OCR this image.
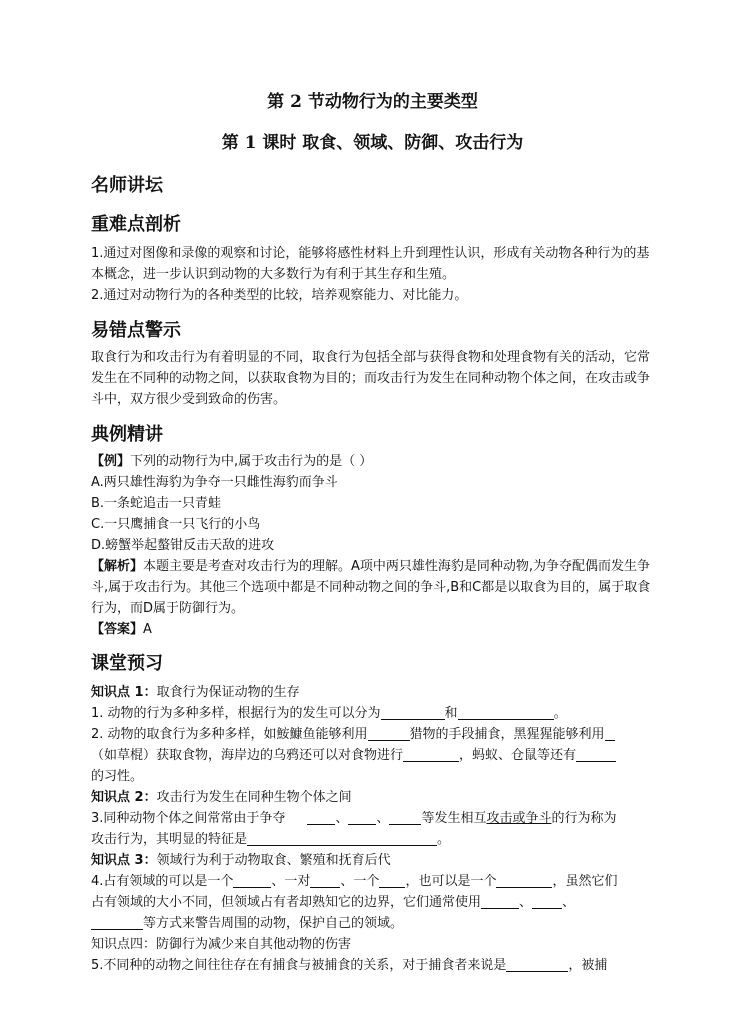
第 2 节动物行为的主要类型
第 1 课时 取食、领域、防御、攻击行为
名师讲坛
重难点剖析
1.通过对图像和录像的观察和讨论，能够将感性材料上升到理性认识，形成有关动物各种行为的基本概念，进一步认识到动物的大多数行为有利于其生存和生殖。
2.通过对动物行为的各种类型的比较，培养观察能力、对比能力。
易错点警示
取食行为和攻击行为有着明显的不同，取食行为包括全部与获得食物和处理食物有关的活动，它常发生在不同种的动物之间，以获取食物为目的；而攻击行为发生在同种动物个体之间，在攻击或争斗中，双方很少受到致命的伤害。
典例精讲
【例】下列的动物行为中,属于攻击行为的是（ ）
A.两只雄性海豹为争夺一只雌性海豹而争斗
B.一条蛇追击一只青蛙
C.一只鹰捕食一只飞行的小鸟
D.螃蟹举起螯钳反击天敌的进攻
【解析】本题主要是考查对攻击行为的理解。A项中两只雄性海豹是同种动物,为争夺配偶而发生争斗,属于攻击行为。其他三个选项中都是不同种动物之间的争斗,B和C都是以取食为目的，属于取食行为，而D属于防御行为。
【答案】A
课堂预习
知识点 1：取食行为保证动物的生存
1. 动物的行为多种多样，根据行为的发生可以分为	和	。
2. 动物的取食行为多种多样，如鮟鱇鱼能够利用	猎物的手段捕食，黑猩猩能够利用
（如草棍）获取食物，海岸边的乌鸦还可以对食物进行	，蚂蚁、仓鼠等还有
的习性。
知识点 2：攻击行为发生在同种生物个体之间
3.同种动物个体之间常常由于争夺	、 、 等发生相互攻击或争斗的行为称为
攻击行为，其明显的特征是	。
知识点 3：领域行为利于动物取食、繁殖和抚育后代
4.占有领域的可以是一个	、一对 、一个 ，也可以是一个	，虽然它们
占有领域的大小不同，但领域占有者却熟知它的边界，它们通常使用	、 、
等方式来警告周围的动物，保护自己的领域。
知识点四：防御行为减少来自其他动物的伤害
5.不同种的动物之间往往存在有捕食与被捕食的关系，对于捕食者来说是	，被捕
